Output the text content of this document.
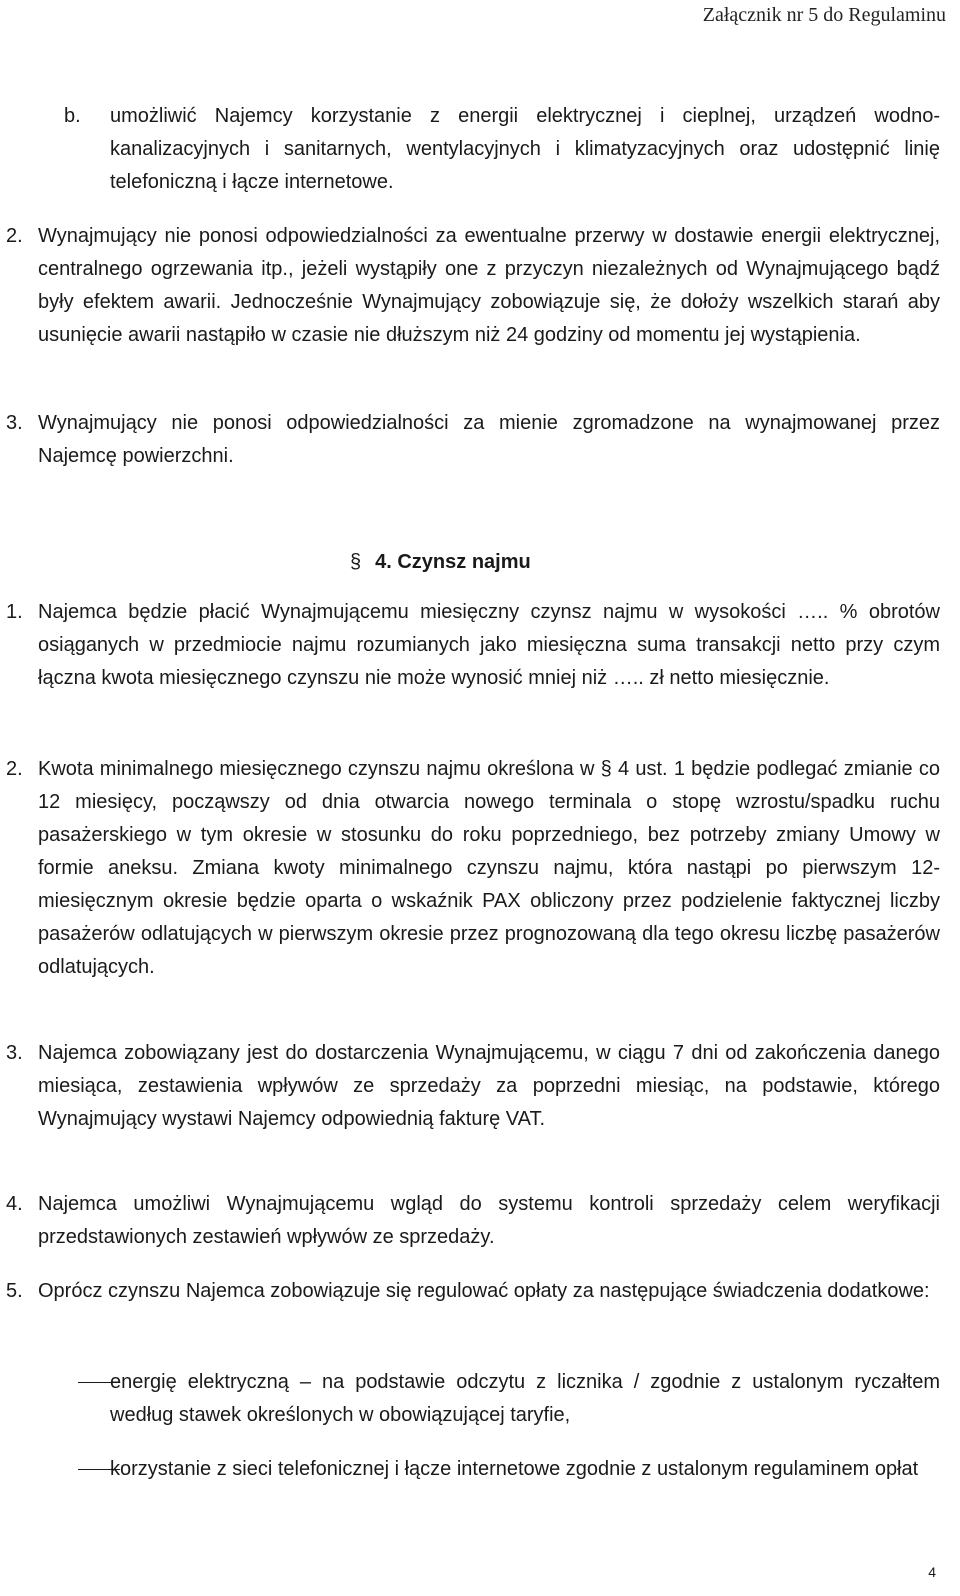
Załącznik nr 5 do Regulaminu
b. umożliwić Najemcy korzystanie z energii elektrycznej i cieplnej, urządzeń wodno-kanalizacyjnych i sanitarnych, wentylacyjnych i klimatyzacyjnych oraz udostępnić linię telefoniczną i łącze internetowe.

2. Wynajmujący nie ponosi odpowiedzialności za ewentualne przerwy w dostawie energii elektrycznej, centralnego ogrzewania itp., jeżeli wystąpiły one z przyczyn niezależnych od Wynajmującego bądź były efektem awarii. Jednocześnie Wynajmujący zobowiązuje się, że dołoży wszelkich starań aby usunięcie awarii nastąpiło w czasie nie dłuższym niż 24 godziny od momentu jej wystąpienia.

3. Wynajmujący nie ponosi odpowiedzialności za mienie zgromadzone na wynajmowanej przez Najemcę powierzchni.

§ 4. Czynsz najmu
1. Najemca będzie płacić Wynajmującemu miesięczny czynsz najmu w wysokości ….. % obrotów osiąganych w przedmiocie najmu rozumianych jako miesięczna suma transakcji netto przy czym łączna kwota miesięcznego czynszu nie może wynosić mniej niż ….. zł netto miesięcznie.

2. Kwota minimalnego miesięcznego czynszu najmu określona w § 4 ust. 1 będzie podlegać zmianie co 12 miesięcy, począwszy od dnia otwarcia nowego terminala o stopę wzrostu/spadku ruchu pasażerskiego w tym okresie w stosunku do roku poprzedniego, bez potrzeby zmiany Umowy w formie aneksu. Zmiana kwoty minimalnego czynszu najmu, która nastąpi po pierwszym 12-miesięcznym okresie będzie oparta o wskaźnik PAX obliczony przez podzielenie faktycznej liczby pasażerów odlatujących w pierwszym okresie przez prognozowaną dla tego okresu liczbę pasażerów odlatujących.

3. Najemca zobowiązany jest do dostarczenia Wynajmującemu, w ciągu 7 dni od zakończenia danego miesiąca, zestawienia wpływów ze sprzedaży za poprzedni miesiąc, na podstawie, którego Wynajmujący wystawi Najemcy odpowiednią fakturę VAT.

4. Najemca umożliwi Wynajmującemu wgląd do systemu kontroli sprzedaży celem weryfikacji przedstawionych zestawień wpływów ze sprzedaży.

5. Oprócz czynszu Najemca zobowiązuje się regulować opłaty za następujące świadczenia dodatkowe:

energię elektryczną – na podstawie odczytu z licznika / zgodnie z ustalonym ryczałtem według stawek określonych w obowiązującej taryfie,

korzystanie z sieci telefonicznej i łącze internetowe zgodnie z ustalonym regulaminem opłat

4
